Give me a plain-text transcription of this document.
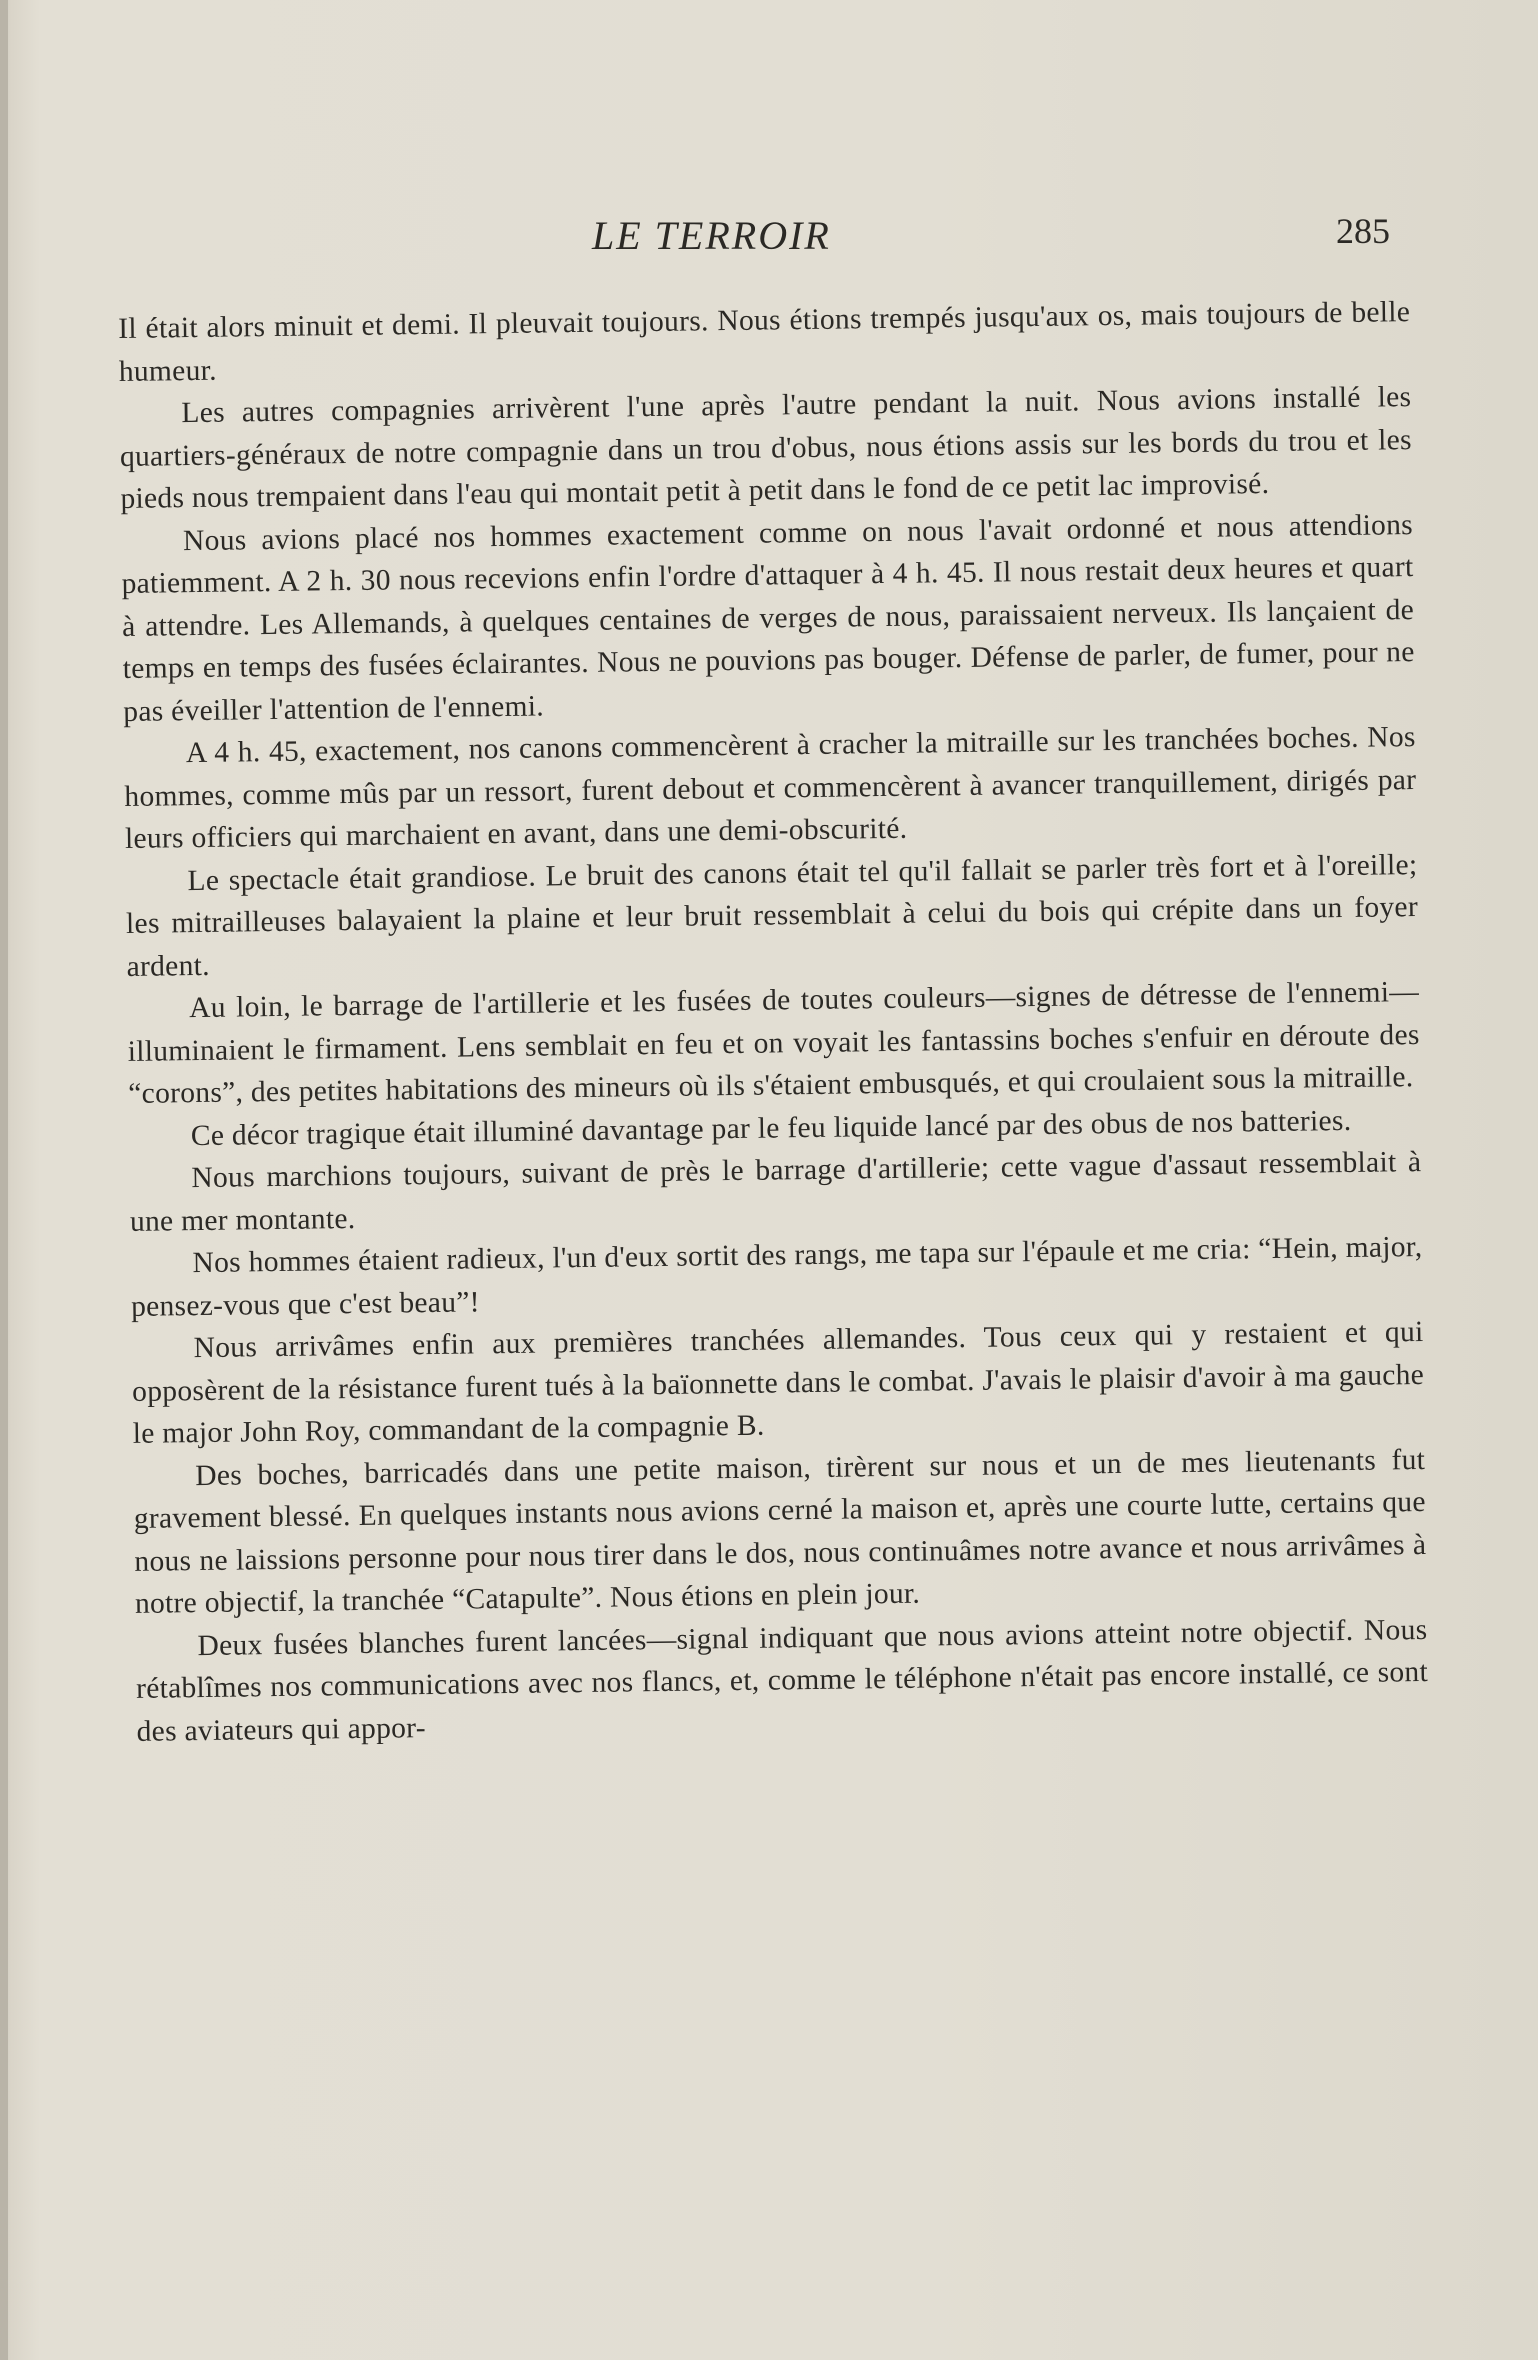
LE TERROIR	285

Il était alors minuit et demi. Il pleuvait toujours. Nous étions trempés jusqu'aux os, mais toujours de belle humeur.

Les autres compagnies arrivèrent l'une après l'autre pendant la nuit. Nous avions installé les quartiers-généraux de notre compagnie dans un trou d'obus, nous étions assis sur les bords du trou et les pieds nous trempaient dans l'eau qui montait petit à petit dans le fond de ce petit lac improvisé.

Nous avions placé nos hommes exactement comme on nous l'avait ordonné et nous attendions patiemment. A 2 h. 30 nous recevions enfin l'ordre d'attaquer à 4 h. 45. Il nous restait deux heures et quart à attendre. Les Allemands, à quelques centaines de verges de nous, paraissaient nerveux. Ils lançaient de temps en temps des fusées éclairantes. Nous ne pouvions pas bouger. Défense de parler, de fumer, pour ne pas éveiller l'attention de l'ennemi.

A 4 h. 45, exactement, nos canons commencèrent à cracher la mitraille sur les tranchées boches. Nos hommes, comme mûs par un ressort, furent debout et commencèrent à avancer tranquillement, dirigés par leurs officiers qui marchaient en avant, dans une demi-obscurité.

Le spectacle était grandiose. Le bruit des canons était tel qu'il fallait se parler très fort et à l'oreille; les mitrailleuses balayaient la plaine et leur bruit ressemblait à celui du bois qui crépite dans un foyer ardent.

Au loin, le barrage de l'artillerie et les fusées de toutes couleurs—signes de détresse de l'ennemi—illuminaient le firmament. Lens semblait en feu et on voyait les fantassins boches s'enfuir en déroute des “corons”, des petites habitations des mineurs où ils s'étaient embusqués, et qui croulaient sous la mitraille.

Ce décor tragique était illuminé davantage par le feu liquide lancé par des obus de nos batteries.

Nous marchions toujours, suivant de près le barrage d'artillerie; cette vague d'assaut ressemblait à une mer montante.

Nos hommes étaient radieux, l'un d'eux sortit des rangs, me tapa sur l'épaule et me cria: “Hein, major, pensez-vous que c'est beau”!

Nous arrivâmes enfin aux premières tranchées allemandes. Tous ceux qui y restaient et qui opposèrent de la résistance furent tués à la baïonnette dans le combat. J'avais le plaisir d'avoir à ma gauche le major John Roy, commandant de la compagnie B.

Des boches, barricadés dans une petite maison, tirèrent sur nous et un de mes lieutenants fut gravement blessé. En quelques instants nous avions cerné la maison et, après une courte lutte, certains que nous ne laissions personne pour nous tirer dans le dos, nous continuâmes notre avance et nous arrivâmes à notre objectif, la tranchée “Catapulte”. Nous étions en plein jour.

Deux fusées blanches furent lancées—signal indiquant que nous avions atteint notre objectif. Nous rétablîmes nos communications avec nos flancs, et, comme le téléphone n'était pas encore installé, ce sont des aviateurs qui appor-
